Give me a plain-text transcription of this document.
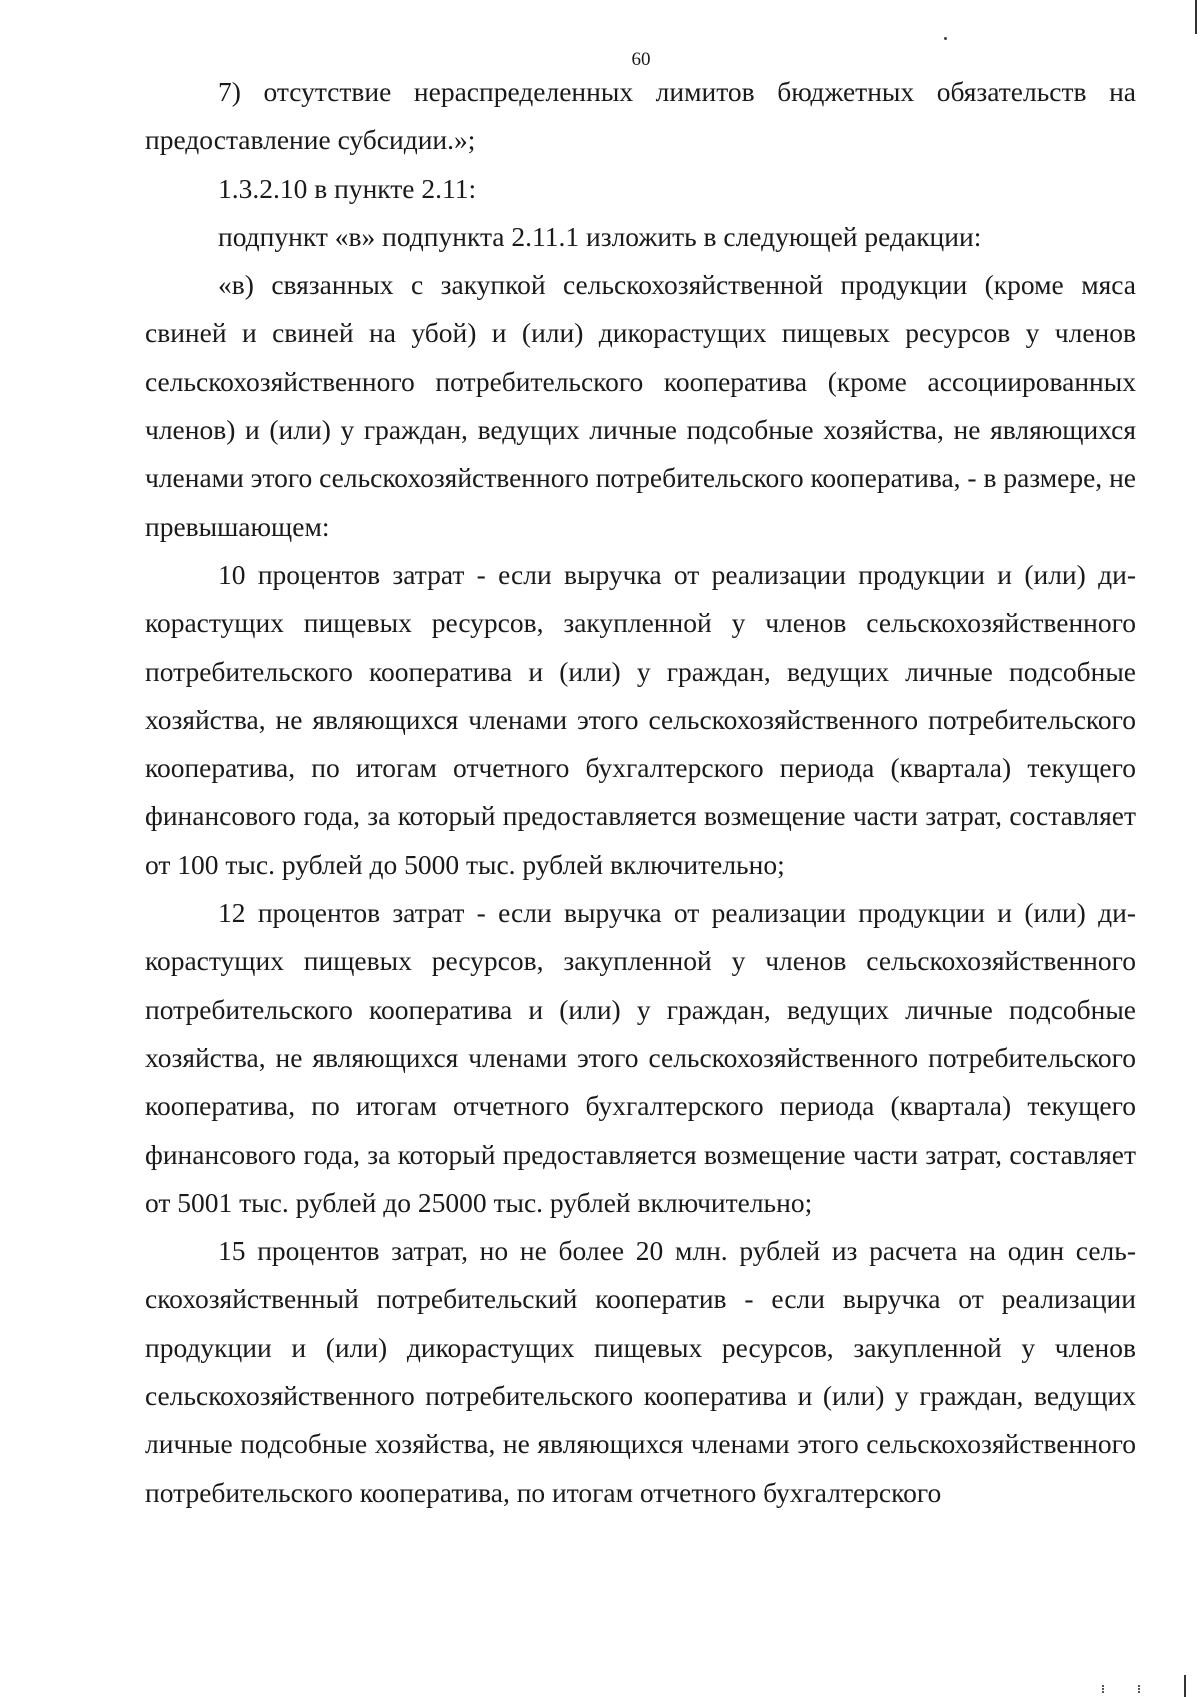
60

7) отсутствие нераспределенных лимитов бюджетных обязательств на предоставление субсидии.»;

1.3.2.10 в пункте 2.11:

подпункт «в» подпункта 2.11.1 изложить в следующей редакции:

«в) связанных с закупкой сельскохозяйственной продукции (кроме мяса свиней и свиней на убой) и (или) дикорастущих пищевых ресурсов у членов сельскохозяйственного потребительского кооператива (кроме ассоциированных членов) и (или) у граждан, ведущих личные подсобные хозяйства, не являющихся членами этого сельскохозяйственного потребительского кооператива, - в размере, не превышающем:

10 процентов затрат - если выручка от реализации продукции и (или) дикорастущих пищевых ресурсов, закупленной у членов сельскохозяйственного потребительского кооператива и (или) у граждан, ведущих личные подсобные хозяйства, не являющихся членами этого сельскохозяйственного потребительского кооператива, по итогам отчетного бухгалтерского периода (квартала) текущего финансового года, за который предоставляется возмещение части затрат, составляет от 100 тыс. рублей до 5000 тыс. рублей включительно;

12 процентов затрат - если выручка от реализации продукции и (или) дикорастущих пищевых ресурсов, закупленной у членов сельскохозяйственного потребительского кооператива и (или) у граждан, ведущих личные подсобные хозяйства, не являющихся членами этого сельскохозяйственного потребительского кооператива, по итогам отчетного бухгалтерского периода (квартала) текущего финансового года, за который предоставляется возмещение части затрат, составляет от 5001 тыс. рублей до 25000 тыс. рублей включительно;

15 процентов затрат, но не более 20 млн. рублей из расчета на один сельскохозяйственный потребительский кооператив - если выручка от реализации продукции и (или) дикорастущих пищевых ресурсов, закупленной у членов сельскохозяйственного потребительского кооператива и (или) у граждан, ведущих личные подсобные хозяйства, не являющихся членами этого сельскохозяйственного потребительского кооператива, по итогам отчетного бухгалтерского
